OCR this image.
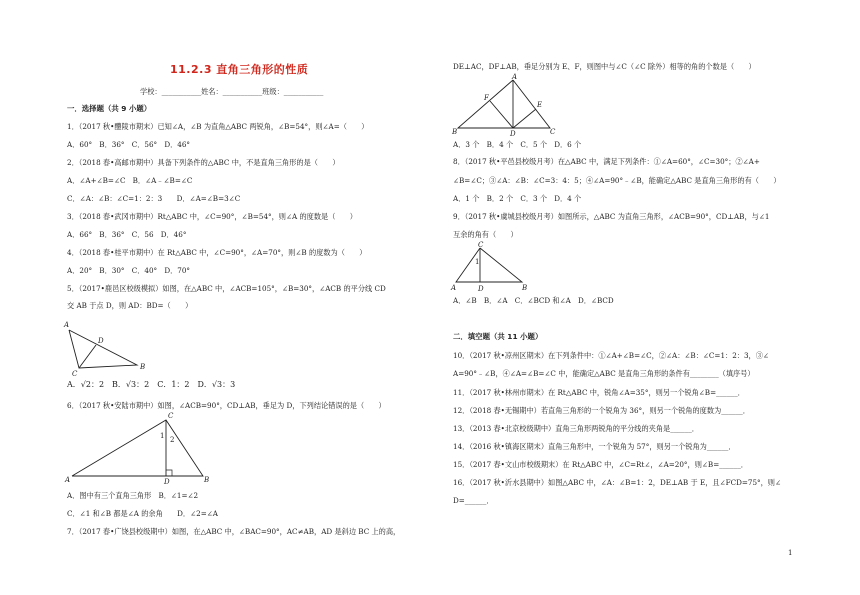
11.2.3 直角三角形的性质
学校：___________姓名：___________班级：___________
一．选择题（共 9 小题）
1．（2017 秋•醴陵市期末）已知∠A，∠B 为直角△ABC 两锐角，∠B=54°，则∠A=（　　）
A．60°　B．36°　C．56°　D．46°
2．（2018 春•高邮市期中）具备下列条件的△ABC 中，不是直角三角形的是（　　）
A．∠A+∠B=∠C　B．∠A﹣∠B=∠C
C．∠A：∠B：∠C=1：2：3　　D．∠A=∠B=3∠C
3．（2018 春•武冈市期中）Rt△ABC 中，∠C=90°，∠B=54°，则∠A 的度数是（　　）
A．66°　B．36°　C．56　D．46°
4．（2018 春•桂平市期中）在 Rt△ABC 中，∠C=90°，∠A=70°，则∠B 的度数为（　　）
A．20°　B．30°　C．40°　D．70°
5．（2017•鹿邑区校级模拟）如图，在△ABC 中，∠ACB=105°，∠B=30°，∠ACB 的平分线 CD
交 AB 于点 D，则 AD：BD=（　　）
A
D
C
B
A．√2：2　B．√3：2　C．1：2　D．√3：3
6．（2017 秋•安陆市期中）如图，∠ACB=90°，CD⊥AB，垂足为 D，下列结论错误的是（　　）
C
1 2
A	D	B
A．图中有三个直角三角形　B．∠1=∠2
C．∠1 和∠B 都是∠A 的余角　　D．∠2=∠A
7．（2017 春•广饶县校级期中）如图，在△ABC 中，∠BAC=90°，AC≠AB，AD 是斜边 BC 上的高，
DE⊥AC，DF⊥AB，垂足分别为 E、F，则图中与∠C（∠C 除外）相等的角的个数是（　　）
A
F
E
B	D	C
A．3 个　B．4 个　C．5 个　D．6 个
8．（2017 秋•平邑县校级月考）在△ABC 中，满足下列条件：①∠A=60°，∠C=30°；②∠A+
∠B=∠C；③∠A：∠B：∠C=3：4：5；④∠A=90°﹣∠B，能确定△ABC 是直角三角形的有（　　）
A．1 个　B．2 个　C．3 个　D．4 个
9．（2017 秋•虞城县校级月考）如图所示，△ABC 为直角三角形，∠ACB=90°，CD⊥AB，与∠1
互余的角有（　　）
C
1
A	D	B
A．∠B　B．∠A　C．∠BCD 和∠A　D．∠BCD
二．填空题（共 11 小题）
10．（2017 秋•凉州区期末）在下列条件中：①∠A+∠B=∠C，②∠A：∠B：∠C=1：2：3，③∠
A=90°﹣∠B，④∠A=∠B=∠C 中，能确定△ABC 是直角三角形的条件有________（填序号）
11．（2017 秋•林州市期末）在 Rt△ABC 中，锐角∠A=35°，则另一个锐角∠B=______．
12．（2018 春•无锡期中）若直角三角形的一个锐角为 36°，则另一个锐角的度数为______．
13．（2013 春•北京校级期中）直角三角形两锐角的平分线的夹角是______．
14．（2016 秋•镇海区期末）直角三角形中，一个锐角为 57°，则另一个锐角为______．
15．（2017 春•文山市校级期末）在 Rt△ABC 中，∠C=Rt∠，∠A=20°，则∠B=______．
16．（2017 秋•沂水县期中）如图△ABC 中，∠A：∠B=1：2，DE⊥AB 于 E，且∠FCD=75°，则∠
D=______．
1
